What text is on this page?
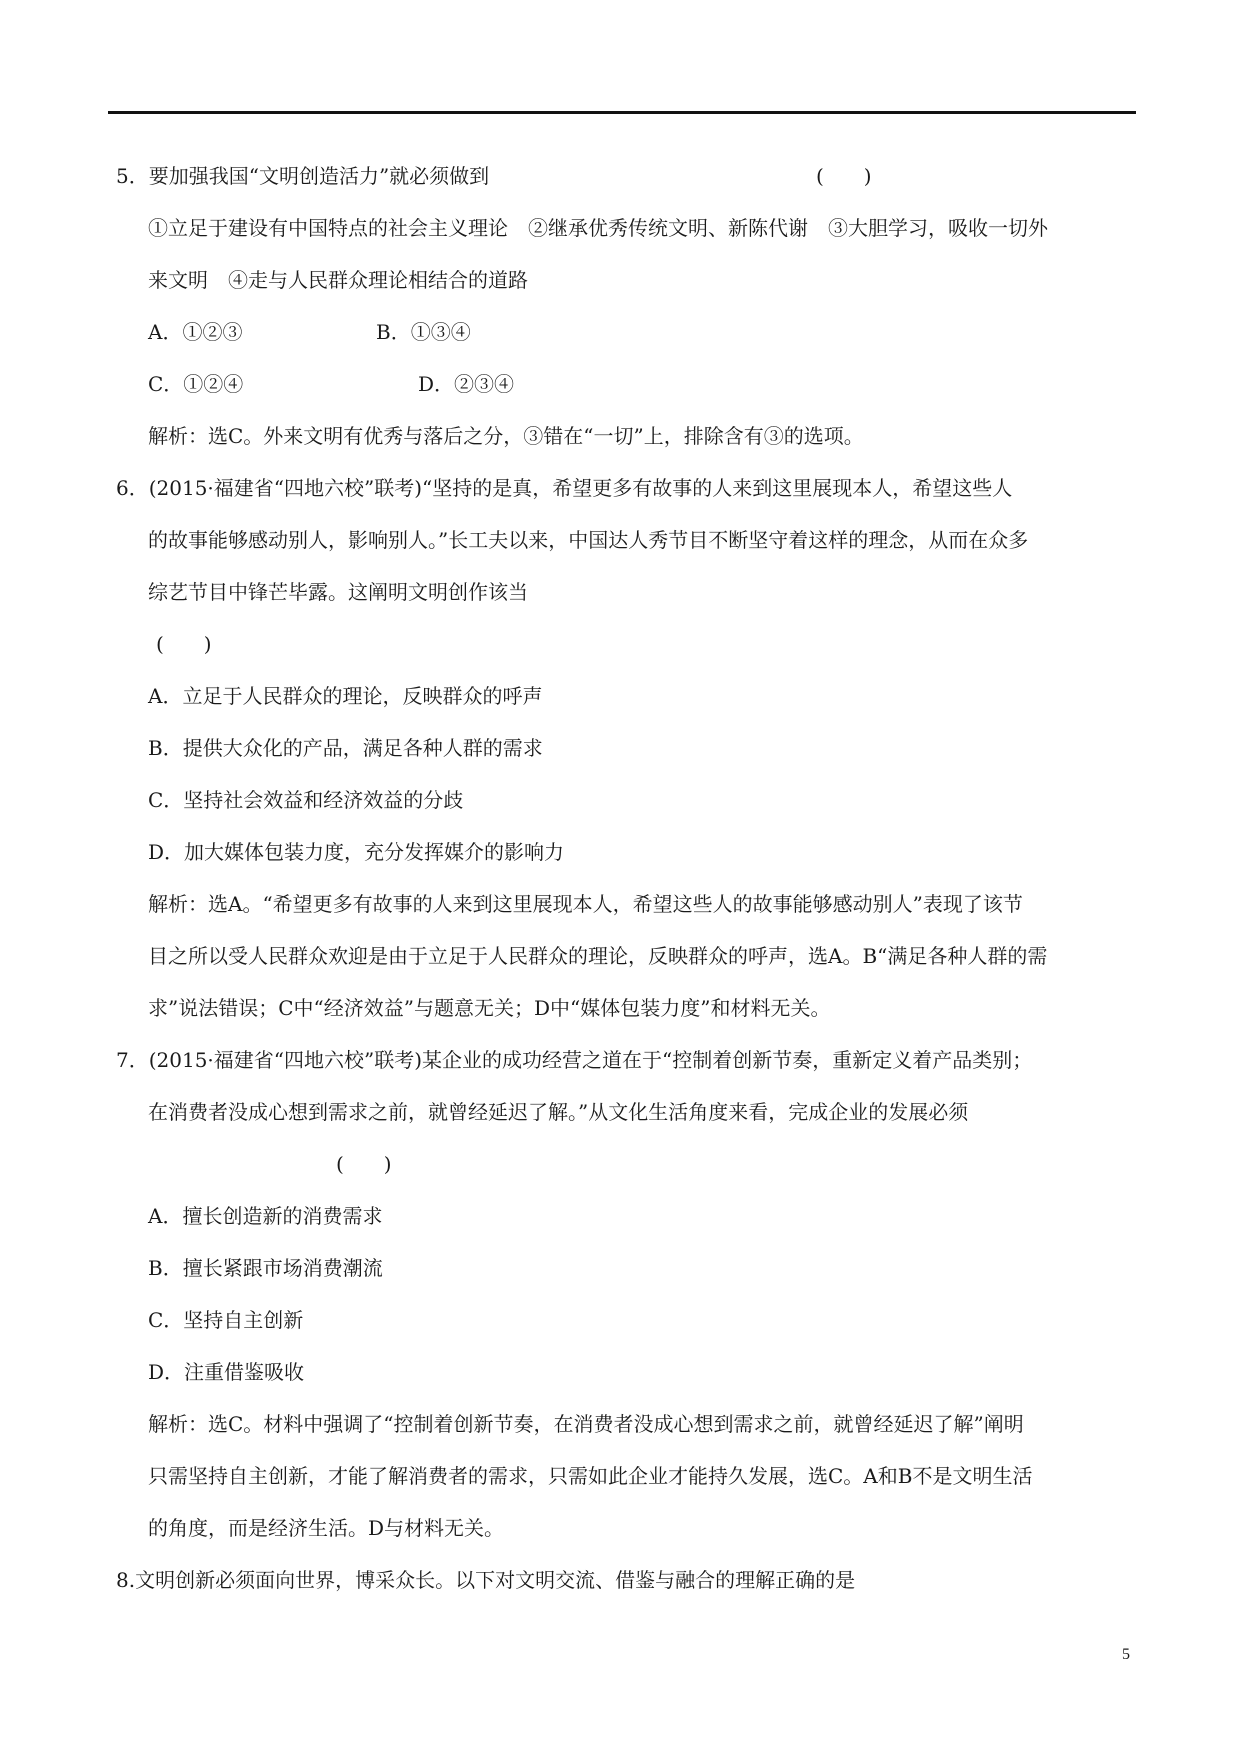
5．要加强我国“文明创造活力”就必须做到	(　　)
①立足于建设有中国特点的社会主义理论　②继承优秀传统文明、新陈代谢　③大胆学习，吸收一切外
来文明　④走与人民群众理论相结合的道路
A．①②③	B．①③④
C．①②④	D．②③④
解析：选C。外来文明有优秀与落后之分，③错在“一切”上，排除含有③的选项。
6．(2015·福建省“四地六校”联考)“坚持的是真，希望更多有故事的人来到这里展现本人，希望这些人
的故事能够感动别人，影响别人。”长工夫以来，中国达人秀节目不断坚守着这样的理念，从而在众多
综艺节目中锋芒毕露。这阐明文明创作该当
(　　)
A．立足于人民群众的理论，反映群众的呼声
B．提供大众化的产品，满足各种人群的需求
C．坚持社会效益和经济效益的分歧
D．加大媒体包装力度，充分发挥媒介的影响力
解析：选A。“希望更多有故事的人来到这里展现本人，希望这些人的故事能够感动别人”表现了该节
目之所以受人民群众欢迎是由于立足于人民群众的理论，反映群众的呼声，选A。B“满足各种人群的需
求”说法错误；C中“经济效益”与题意无关；D中“媒体包装力度”和材料无关。
7．(2015·福建省“四地六校”联考)某企业的成功经营之道在于“控制着创新节奏，重新定义着产品类别；
在消费者没成心想到需求之前，就曾经延迟了解。”从文化生活角度来看，完成企业的发展必须
(　　)
A．擅长创造新的消费需求
B．擅长紧跟市场消费潮流
C．坚持自主创新
D．注重借鉴吸收
解析：选C。材料中强调了“控制着创新节奏，在消费者没成心想到需求之前，就曾经延迟了解”阐明
只需坚持自主创新，才能了解消费者的需求，只需如此企业才能持久发展，选C。A和B不是文明生活
的角度，而是经济生活。D与材料无关。
8.文明创新必须面向世界，博采众长。以下对文明交流、借鉴与融合的理解正确的是
5
